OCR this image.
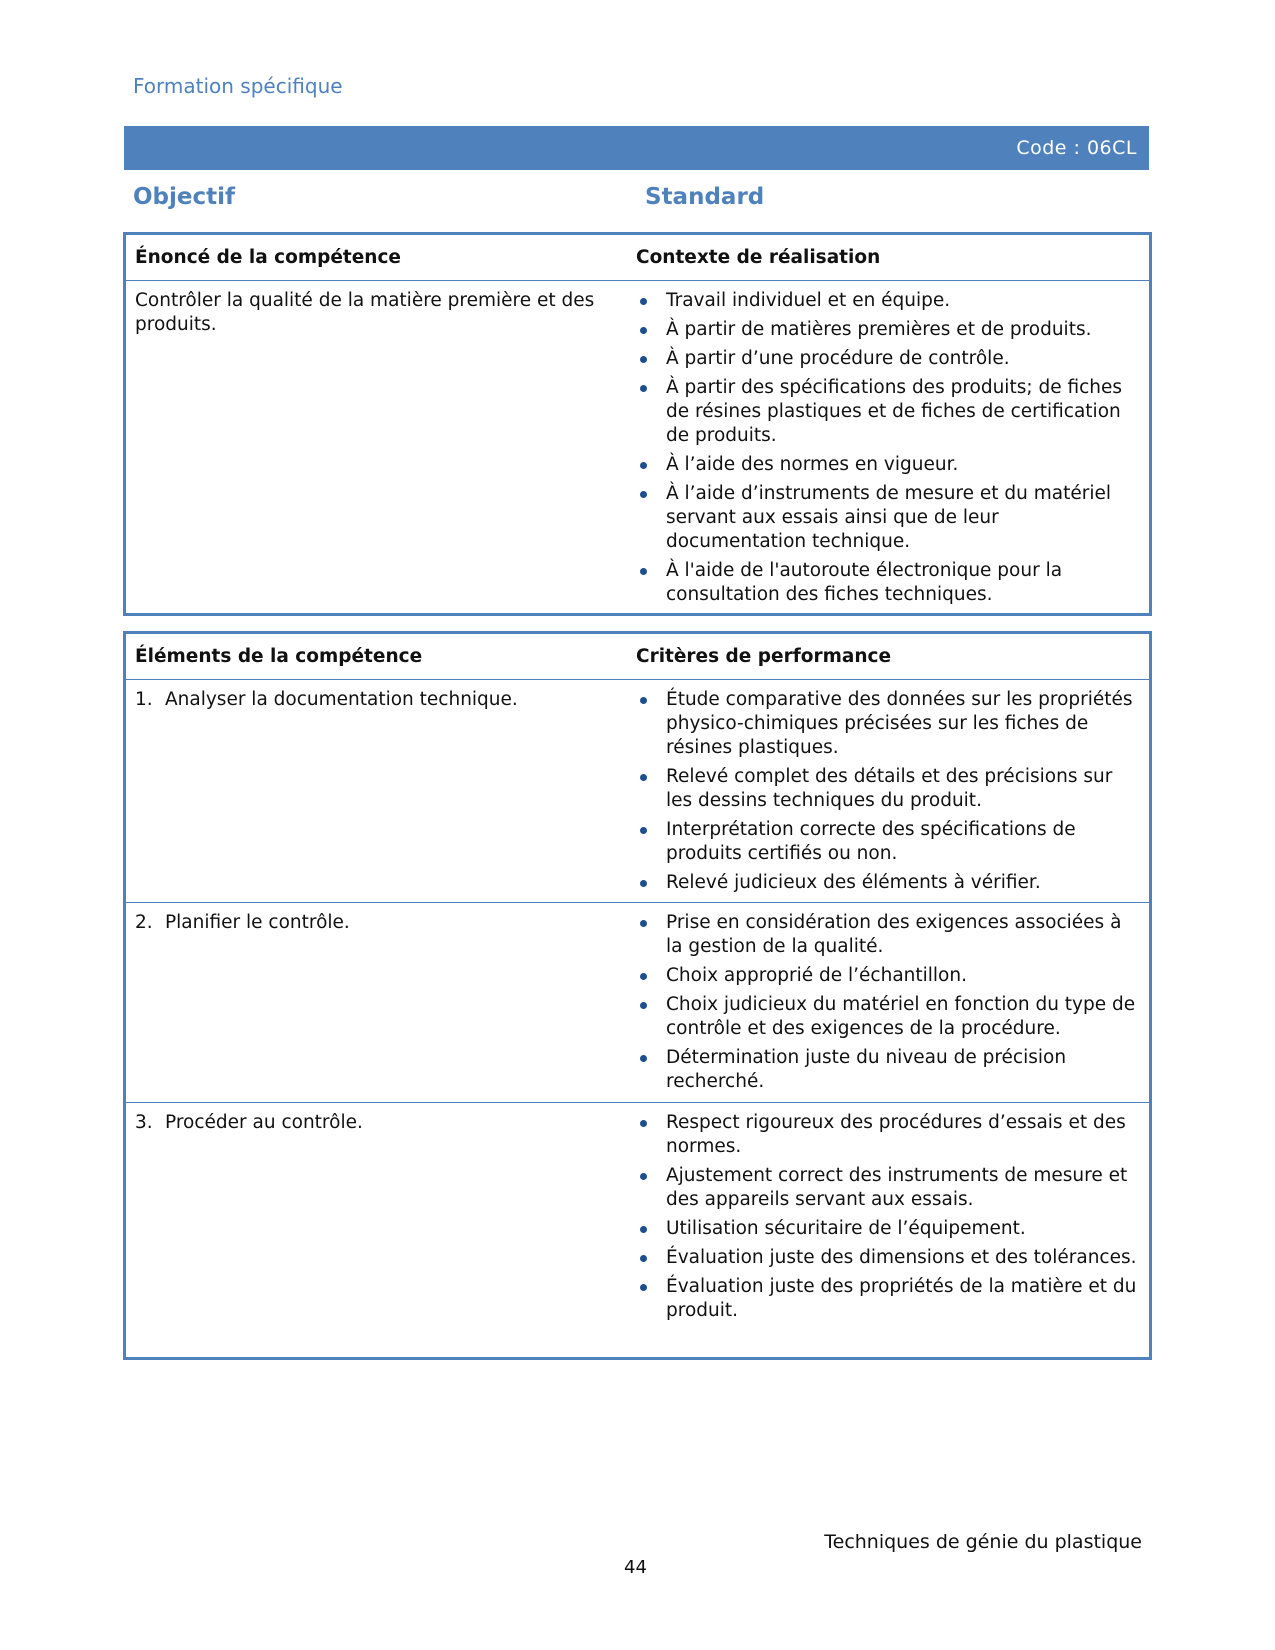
Formation spécifique
Code : 06CL
Objectif	Standard
Énoncé de la compétence	Contexte de réalisation
Contrôler la qualité de la matière première et des produits.
Travail individuel et en équipe.
À partir de matières premières et de produits.
À partir d’une procédure de contrôle.
À partir des spécifications des produits; de fiches de résines plastiques et de fiches de certification de produits.
À l’aide des normes en vigueur.
À l’aide d’instruments de mesure et du matériel servant aux essais ainsi que de leur documentation technique.
À l'aide de l'autoroute électronique pour la consultation des fiches techniques.
Éléments de la compétence	Critères de performance
1. Analyser la documentation technique.	Étude comparative des données sur les propriétés physico-chimiques précisées sur les fiches de résines plastiques.
Relevé complet des détails et des précisions sur les dessins techniques du produit.
Interprétation correcte des spécifications de produits certifiés ou non.
Relevé judicieux des éléments à vérifier.
2. Planifier le contrôle.	Prise en considération des exigences associées à la gestion de la qualité.
Choix approprié de l’échantillon.
Choix judicieux du matériel en fonction du type de contrôle et des exigences de la procédure.
Détermination juste du niveau de précision recherché.
3. Procéder au contrôle.	Respect rigoureux des procédures d’essais et des normes.
Ajustement correct des instruments de mesure et des appareils servant aux essais.
Utilisation sécuritaire de l’équipement.
Évaluation juste des dimensions et des tolérances.
Évaluation juste des propriétés de la matière et du produit.
Techniques de génie du plastique
44
